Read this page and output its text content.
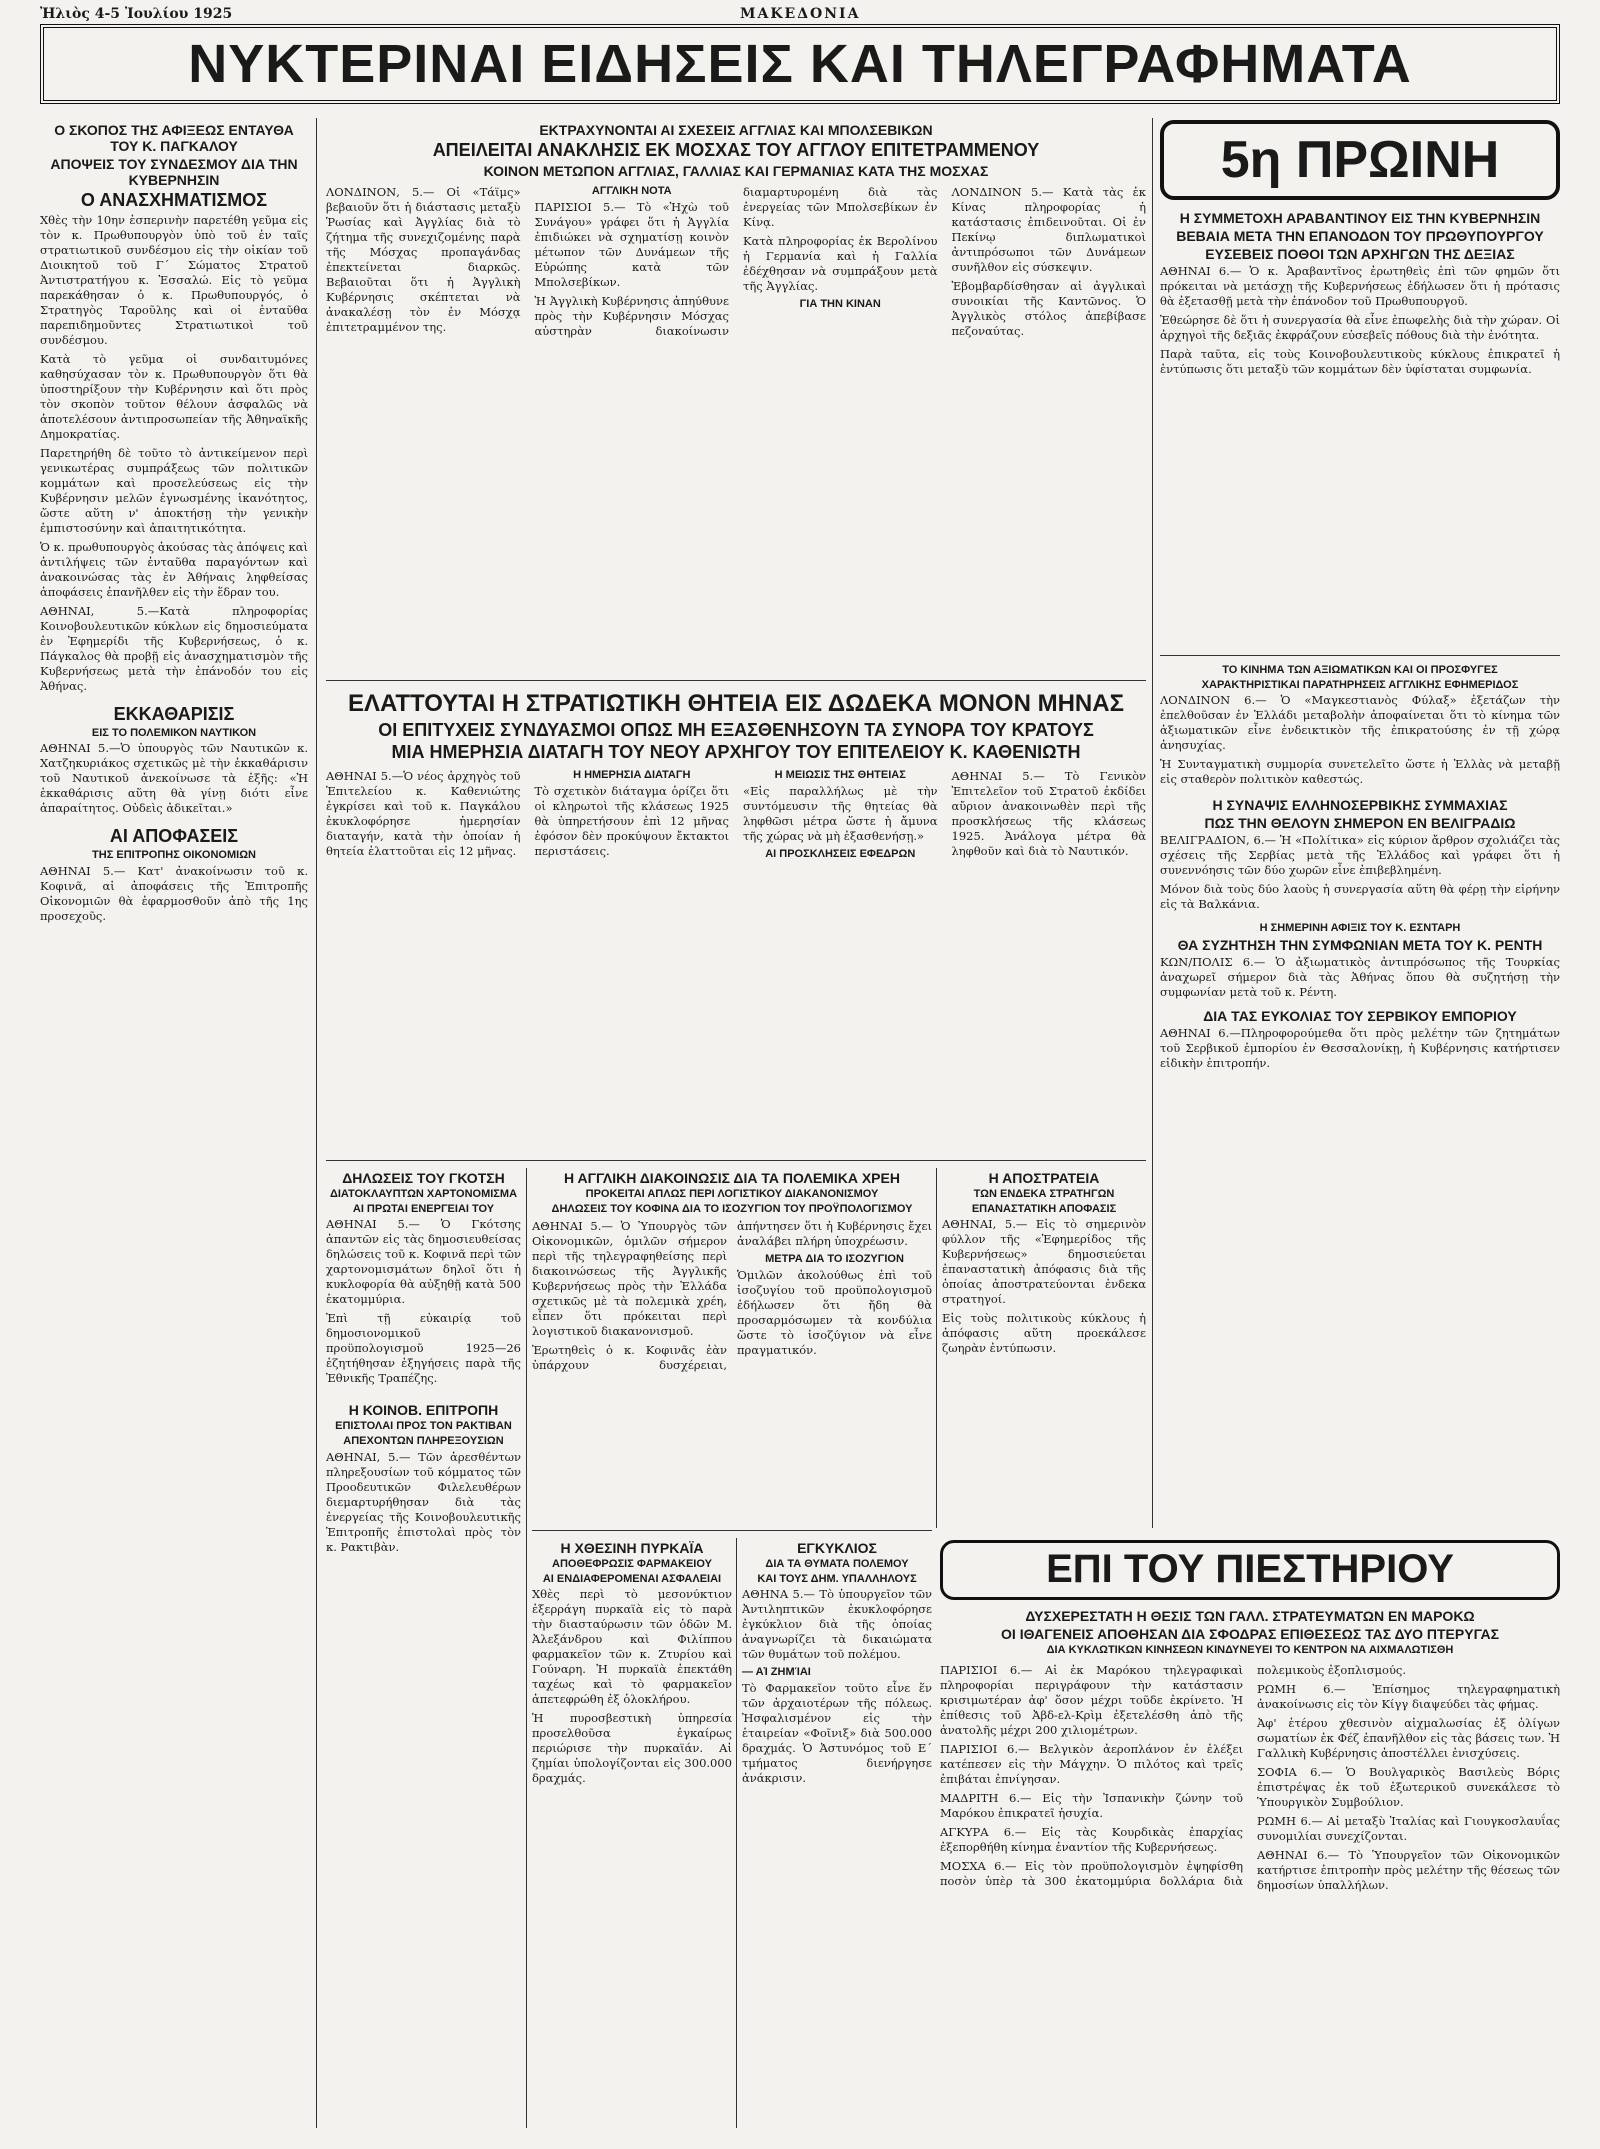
Ἠλιὸς 4-5 Ἰουλίου 1925	ΜΑΚΕΔΟΝΙΑ
ΝΥΚΤΕΡΙΝΑΙ ΕΙΔΗΣΕΙΣ ΚΑΙ ΤΗΛΕΓΡΑΦΗΜΑΤΑ
Ο ΣΚΟΠΟΣ ΤΗΣ ΑΦΙΞΕΩΣ ΕΝΤΑΥΘΑ ΤΟΥ Κ. ΠΑΓΚΑΛΟΥ
ΑΠΟΨΕΙΣ ΤΟΥ ΣΥΝΔΕΣΜΟΥ ΔΙΑ ΤΗΝ ΚΥΒΕΡΝΗΣΙΝ
Ο ΑΝΑΣΧΗΜΑΤΙΣΜΟΣ

Χθὲς τὴν 10ην ἑσπερινὴν παρετέθη γεῦμα εἰς τὸν κ. Πρωθυπουργὸν ὑπὸ τοῦ ἐν ταῖς στρατιωτικοῦ συνδέσμου εἰς τὴν οἰκίαν τοῦ Διοικητοῦ τοῦ Γ΄ Σώματος Στρατοῦ Ἀντιστρατήγου κ. Ἐσσαλώ. Εἰς τὸ γεῦμα παρεκάθησαν ὁ κ. Πρωθυπουργός, ὁ Στρατηγὸς Ταροῦλης καὶ οἱ ἐνταῦθα παρεπιδημοῦντες Στρατιωτικοὶ τοῦ συνδέσμου.

Κατὰ τὸ γεῦμα οἱ συνδαιτυμόνες καθησύχασαν τὸν κ. Πρωθυπουργὸν ὅτι θὰ ὑποστηρίξουν τὴν Κυβέρνησιν καὶ ὅτι πρὸς τὸν σκοπὸν τοῦτον θέλουν ἀσφαλῶς νὰ ἀποτελέσουν ἀντιπροσωπείαν τῆς Ἀθηναϊκῆς Δημοκρατίας.

Παρετηρήθη δὲ τοῦτο τὸ ἀντικείμενον περὶ γενικωτέρας συμπράξεως τῶν πολιτικῶν κομμάτων καὶ προσελεύσεως εἰς τὴν Κυβέρνησιν μελῶν ἐγνωσμένης ἱκανότητος, ὥστε αὕτη ν' ἀποκτήσῃ τὴν γενικὴν ἐμπιστοσύνην καὶ ἀπαιτητικότητα.

Ὁ κ. πρωθυπουργὸς ἀκούσας τὰς ἀπόψεις καὶ ἀντιλήψεις τῶν ἐνταῦθα παραγόντων καὶ ἀνακοινώσας τὰς ἐν Ἀθήναις ληφθείσας ἀποφάσεις ἐπανῆλθεν εἰς τὴν ἕδραν του.

ΑΘΗΝΑΙ, 5.—Κατὰ πληροφορίας Κοινοβουλευτικῶν κύκλων εἰς δημοσιεύματα ἐν Ἐφημερίδι τῆς Κυβερνήσεως, ὁ κ. Πάγκαλος θὰ προβῇ εἰς ἀνασχηματισμὸν τῆς Κυβερνήσεως μετὰ τὴν ἐπάνοδόν του εἰς Ἀθήνας.

ΕΚΚΑΘΑΡΙΣΙΣ
ΕΙΣ ΤΟ ΠΟΛΕΜΙΚΟΝ ΝΑΥΤΙΚΟΝ

ΑΘΗΝΑΙ 5.—Ὁ ὑπουργὸς τῶν Ναυτικῶν κ. Χατζηκυριάκος σχετικῶς μὲ τὴν ἐκκαθάρισιν τοῦ Ναυτικοῦ ἀνεκοίνωσε τὰ ἑξῆς: «Ἡ ἐκκαθάρισις αὕτη θὰ γίνῃ διότι εἶνε ἀπαραίτητος. Οὐδεὶς ἀδικεῖται.»

ΑΙ ΑΠΟΦΑΣΕΙΣ
ΤΗΣ ΕΠΙΤΡΟΠΗΣ ΟΙΚΟΝΟΜΙΩΝ

ΑΘΗΝΑΙ 5.— Κατ' ἀνακοίνωσιν τοῦ κ. Κοφινᾶ, αἱ ἀποφάσεις τῆς Ἐπιτροπῆς Οἰκονομιῶν θὰ ἐφαρμοσθοῦν ἀπὸ τῆς 1ης προσεχοῦς.

ΕΚΤΡΑΧΥΝΟΝΤΑΙ ΑΙ ΣΧΕΣΕΙΣ ΑΓΓΛΙΑΣ ΚΑΙ ΜΠΟΛΣΕΒΙΚΩΝ
ΑΠΕΙΛΕΙΤΑΙ ΑΝΑΚΛΗΣΙΣ ΕΚ ΜΟΣΧΑΣ ΤΟΥ ΑΓΓΛΟΥ ΕΠΙΤΕΤΡΑΜΜΕΝΟΥ
ΚΟΙΝΟΝ ΜΕΤΩΠΟΝ ΑΓΓΛΙΑΣ, ΓΑΛΛΙΑΣ ΚΑΙ ΓΕΡΜΑΝΙΑΣ ΚΑΤΑ ΤΗΣ ΜΟΣΧΑΣ

ΛΟΝΔΙΝΟΝ, 5.— Οἱ «Τάϊμς» βεβαιοῦν ὅτι ἡ διάστασις μεταξὺ Ῥωσίας καὶ Ἀγγλίας διὰ τὸ ζήτημα τῆς συνεχιζομένης παρὰ τῆς Μόσχας προπαγάνδας ἐπεκτείνεται διαρκῶς. Βεβαιοῦται ὅτι ἡ Ἀγγλικὴ Κυβέρνησις σκέπτεται νὰ ἀνακαλέσῃ τὸν ἐν Μόσχᾳ ἐπιτετραμμένον της.

ΑΓΓΛΙΚΗ ΝΟΤΑ

ΠΑΡΙΣΙΟΙ 5.— Τὸ «Ἠχὼ τοῦ Συνάγου» γράφει ὅτι ἡ Ἀγγλία ἐπιδιώκει νὰ σχηματίσῃ κοινὸν μέτωπον τῶν Δυνάμεων τῆς Εὐρώπης κατὰ τῶν Μπολσεβίκων.

Ἡ Ἀγγλικὴ Κυβέρνησις ἀπηύθυνε πρὸς τὴν Κυβέρνησιν Μόσχας αὐστηρὰν διακοίνωσιν διαμαρτυρομένη διὰ τὰς ἐνεργείας τῶν Μπολσεβίκων ἐν Κίνᾳ.

Κατὰ πληροφορίας ἐκ Βερολίνου ἡ Γερμανία καὶ ἡ Γαλλία ἐδέχθησαν νὰ συμπράξουν μετὰ τῆς Ἀγγλίας.

ΓΙΑ ΤΗΝ ΚΙΝΑΝ

ΛΟΝΔΙΝΟΝ 5.— Κατὰ τὰς ἐκ Κίνας πληροφορίας ἡ κατάστασις ἐπιδεινοῦται. Οἱ ἐν Πεκίνῳ διπλωματικοὶ ἀντιπρόσωποι τῶν Δυνάμεων συνῆλθον εἰς σύσκεψιν.

Ἐβομβαρδίσθησαν αἱ ἀγγλικαὶ συνοικίαι τῆς Καντῶνος. Ὁ Ἀγγλικὸς στόλος ἀπεβίβασε πεζοναύτας.

ΕΛΑΤΤΟΥΤΑΙ Η ΣΤΡΑΤΙΩΤΙΚΗ ΘΗΤΕΙΑ ΕΙΣ ΔΩΔΕΚΑ ΜΟΝΟΝ ΜΗΝΑΣ
ΟΙ ΕΠΙΤΥΧΕΙΣ ΣΥΝΔΥΑΣΜΟΙ ΟΠΩΣ ΜΗ ΕΞΑΣΘΕΝΗΣΟΥΝ ΤΑ ΣΥΝΟΡΑ ΤΟΥ ΚΡΑΤΟΥΣ
ΜΙΑ ΗΜΕΡΗΣΙΑ ΔΙΑΤΑΓΗ ΤΟΥ ΝΕΟΥ ΑΡΧΗΓΟΥ ΤΟΥ ΕΠΙΤΕΛΕΙΟΥ Κ. ΚΑΘΕΝΙΩΤΗ

ΑΘΗΝΑΙ 5.—Ὁ νέος ἀρχηγὸς τοῦ Ἐπιτελείου κ. Καθενιώτης ἐγκρίσει καὶ τοῦ κ. Παγκάλου ἐκυκλοφόρησε ἡμερησίαν διαταγήν, κατὰ τὴν ὁποίαν ἡ θητεία ἐλαττοῦται εἰς 12 μῆνας.

Η ΗΜΕΡΗΣΙΑ ΔΙΑΤΑΓΗ

Τὸ σχετικὸν διάταγμα ὁρίζει ὅτι οἱ κληρωτοὶ τῆς κλάσεως 1925 θὰ ὑπηρετήσουν ἐπὶ 12 μῆνας ἐφόσον δὲν προκύψουν ἔκτακτοι περιστάσεις.

Η ΜΕΙΩΣΙΣ ΤΗΣ ΘΗΤΕΙΑΣ

«Εἰς παραλλήλως μὲ τὴν συντόμευσιν τῆς θητείας θὰ ληφθῶσι μέτρα ὥστε ἡ ἄμυνα τῆς χώρας νὰ μὴ ἐξασθενήσῃ.»

ΑΙ ΠΡΟΣΚΛΗΣΕΙΣ ΕΦΕΔΡΩΝ

ΑΘΗΝΑΙ 5.— Τὸ Γενικὸν Ἐπιτελεῖον τοῦ Στρατοῦ ἐκδίδει αὔριον ἀνακοινωθὲν περὶ τῆς προσκλήσεως τῆς κλάσεως 1925. Ἀνάλογα μέτρα θὰ ληφθοῦν καὶ διὰ τὸ Ναυτικόν.

ΔΗΛΩΣΕΙΣ ΤΟΥ ΓΚΟΤΣΗ
ΔΙΑΤΟΚΛΑΥΠΤΩΝ ΧΑΡΤΟΝΟΜΙΣΜΑ
ΑΙ ΠΡΩΤΑΙ ΕΝΕΡΓΕΙΑΙ ΤΟΥ

ΑΘΗΝΑΙ 5.— Ὁ Γκότσης ἀπαντῶν εἰς τὰς δημοσιευθείσας δηλώσεις τοῦ κ. Κοφινᾶ περὶ τῶν χαρτονομισμάτων δηλοῖ ὅτι ἡ κυκλοφορία θὰ αὐξηθῇ κατὰ 500 ἑκατομμύρια.

Ἐπὶ τῇ εὐκαιρίᾳ τοῦ δημοσιονομικοῦ προϋπολογισμοῦ 1925—26 ἐζητήθησαν ἐξηγήσεις παρὰ τῆς Ἐθνικῆς Τραπέζης.

Η ΚΟΙΝΟΒ. ΕΠΙΤΡΟΠΗ
ΕΠΙΣΤΟΛΑΙ ΠΡΟΣ ΤΟΝ ΡΑΚΤΙΒΑΝ
ΑΠΕΧΟΝΤΩΝ ΠΛΗΡΕΞΟΥΣΙΩΝ

ΑΘΗΝΑΙ, 5.— Τῶν ἀρεσθέντων πληρεξουσίων τοῦ κόμματος τῶν Προοδευτικῶν Φιλελευθέρων διεμαρτυρήθησαν διὰ τὰς ἐνεργείας τῆς Κοινοβουλευτικῆς Ἐπιτροπῆς ἐπιστολαὶ πρὸς τὸν κ. Ρακτιβὰν.

Η ΑΓΓΛΙΚΗ ΔΙΑΚΟΙΝΩΣΙΣ ΔΙΑ ΤΑ ΠΟΛΕΜΙΚΑ ΧΡΕΗ
ΠΡΟΚΕΙΤΑΙ ΑΠΛΩΣ ΠΕΡΙ ΛΟΓΙΣΤΙΚΟΥ ΔΙΑΚΑΝΟΝΙΣΜΟΥ
ΔΗΛΩΣΕΙΣ ΤΟΥ ΚΟΦΙΝΑ ΔΙΑ ΤΟ ΙΣΟΖΥΓΙΟΝ ΤΟΥ ΠΡΟΫΠΟΛΟΓΙΣΜΟΥ

ΑΘΗΝΑΙ 5.— Ὁ Ὑπουργὸς τῶν Οἰκονομικῶν, ὁμιλῶν σήμερον περὶ τῆς τηλεγραφηθείσης περὶ διακοινώσεως τῆς Ἀγγλικῆς Κυβερνήσεως πρὸς τὴν Ἑλλάδα σχετικῶς μὲ τὰ πολεμικὰ χρέη, εἶπεν ὅτι πρόκειται περὶ λογιστικοῦ διακανονισμοῦ.

Ἐρωτηθεὶς ὁ κ. Κοφινᾶς ἐὰν ὑπάρχουν δυσχέρειαι, ἀπήντησεν ὅτι ἡ Κυβέρνησις ἔχει ἀναλάβει πλήρη ὑποχρέωσιν.

ΜΕΤΡΑ ΔΙΑ ΤΟ ΙΣΟΖΥΓΙΟΝ

Ὁμιλῶν ἀκολούθως ἐπὶ τοῦ ἰσοζυγίου τοῦ προϋπολογισμοῦ ἐδήλωσεν ὅτι ἤδη θὰ προσαρμόσωμεν τὰ κονδύλια ὥστε τὸ ἰσοζύγιον νὰ εἶνε πραγματικόν.

Η ΧΘΕΣΙΝΗ ΠΥΡΚΑΪΑ
ΑΠΟΘΕΦΡΩΣΙΣ ΦΑΡΜΑΚΕΙΟΥ
ΑΙ ΕΝΔΙΑΦΕΡΟΜΕΝΑΙ ΑΣΦΑΛΕΙΑΙ

Χθὲς περὶ τὸ μεσονύκτιον ἐξερράγη πυρκαϊὰ εἰς τὸ παρὰ τὴν διασταύρωσιν τῶν ὁδῶν Μ. Ἀλεξάνδρου καὶ Φιλίππου φαρμακεῖον τῶν κ. Ζτυρίου καὶ Γούναρη. Ἡ πυρκαϊὰ ἐπεκτάθη ταχέως καὶ τὸ φαρμακεῖον ἀπετεφρώθη ἐξ ὁλοκλήρου.

Ἡ πυροσβεστικὴ ὑπηρεσία προσελθοῦσα ἐγκαίρως περιώρισε τὴν πυρκαϊάν. Αἱ ζημίαι ὑπολογίζονται εἰς 300.000 δραχμάς.

ΕΓΚΥΚΛΙΟΣ
ΔΙΑ ΤΑ ΘΥΜΑΤΑ ΠΟΛΕΜΟΥ
ΚΑΙ ΤΟΥΣ ΔΗΜ. ΥΠΑΛΛΗΛΟΥΣ

ΑΘΗΝΑ 5.— Τὸ ὑπουργεῖον τῶν Ἀντιληπτικῶν ἐκυκλοφόρησε ἐγκύκλιον διὰ τῆς ὁποίας ἀναγνωρίζει τὰ δικαιώματα τῶν θυμάτων τοῦ πολέμου.

— ΑἹ ΖΗΜΊΑΙ

Τὸ Φαρμακεῖον τοῦτο εἶνε ἕν τῶν ἀρχαιοτέρων τῆς πόλεως. Ἠσφαλισμένον εἰς τὴν ἑταιρείαν «Φοῖνιξ» διὰ 500.000 δραχμάς. Ὁ Ἀστυνόμος τοῦ Ε΄ τμήματος διενήργησε ἀνάκρισιν.

Η ΑΠΟΣΤΡΑΤΕΙΑ
ΤΩΝ ΕΝΔΕΚΑ ΣΤΡΑΤΗΓΩΝ
ΕΠΑΝΑΣΤΑΤΙΚΗ ΑΠΟΦΑΣΙΣ

ΑΘΗΝΑΙ, 5.— Εἰς τὸ σημερινὸν φύλλον τῆς «Ἐφημερίδος τῆς Κυβερνήσεως» δημοσιεύεται ἐπαναστατικὴ ἀπόφασις διὰ τῆς ὁποίας ἀποστρατεύονται ἐνδεκα στρατηγοί.

Εἰς τοὺς πολιτικοὺς κύκλους ἡ ἀπόφασις αὕτη προεκάλεσε ζωηρὰν ἐντύπωσιν.

5η ΠΡΩΙΝΗ
Η ΣΥΜΜΕΤΟΧΗ ΑΡΑΒΑΝΤΙΝΟΥ ΕΙΣ ΤΗΝ ΚΥΒΕΡΝΗΣΙΝ
ΒΕΒΑΙΑ ΜΕΤΑ ΤΗΝ ΕΠΑΝΟΔΟΝ ΤΟΥ ΠΡΩΘΥΠΟΥΡΓΟΥ
ΕΥΣΕΒΕΙΣ ΠΟΘΟΙ ΤΩΝ ΑΡΧΗΓΩΝ ΤΗΣ ΔΕΞΙΑΣ

ΑΘΗΝΑΙ 6.— Ὁ κ. Ἀραβαντῖνος ἐρωτηθεὶς ἐπὶ τῶν φημῶν ὅτι πρόκειται νὰ μετάσχῃ τῆς Κυβερνήσεως ἐδήλωσεν ὅτι ἡ πρότασις θὰ ἐξετασθῇ μετὰ τὴν ἐπάνοδον τοῦ Πρωθυπουργοῦ.

Ἐθεώρησε δὲ ὅτι ἡ συνεργασία θὰ εἶνε ἐπωφελὴς διὰ τὴν χώραν. Οἱ ἀρχηγοὶ τῆς δεξιᾶς ἐκφράζουν εὐσεβεῖς πόθους διὰ τὴν ἐνότητα.

Παρὰ ταῦτα, εἰς τοὺς Κοινοβουλευτικοὺς κύκλους ἐπικρατεῖ ἡ ἐντύπωσις ὅτι μεταξὺ τῶν κομμάτων δὲν ὑφίσταται συμφωνία.

ΤΟ ΚΙΝΗΜΑ ΤΩΝ ΑΞΙΩΜΑΤΙΚΩΝ ΚΑΙ ΟΙ ΠΡΟΣΦΥΓΕΣ
ΧΑΡΑΚΤΗΡΙΣΤΙΚΑΙ ΠΑΡΑΤΗΡΗΣΕΙΣ ΑΓΓΛΙΚΗΣ ΕΦΗΜΕΡΙΔΟΣ

ΛΟΝΔΙΝΟΝ 6.— Ὁ «Μαγκεστιανὸς Φύλαξ» ἐξετάζων τὴν ἐπελθοῦσαν ἐν Ἑλλάδι μεταβολὴν ἀποφαίνεται ὅτι τὸ κίνημα τῶν ἀξιωματικῶν εἶνε ἐνδεικτικὸν τῆς ἐπικρατούσης ἐν τῇ χώρᾳ ἀνησυχίας.

Ἡ Συνταγματικὴ συμμορία συνετελεῖτο ὥστε ἡ Ἑλλὰς νὰ μεταβῇ εἰς σταθερὸν πολιτικὸν καθεστώς.

Η ΣΥΝΑΨΙΣ ΕΛΛΗΝΟΣΕΡΒΙΚΗΣ ΣΥΜΜΑΧΙΑΣ
ΠΩΣ ΤΗΝ ΘΕΛΟΥΝ ΣΗΜΕΡΟΝ ΕΝ ΒΕΛΙΓΡΑΔΙΩ

ΒΕΛΙΓΡΑΔΙΟΝ, 6.— Ἡ «Πολίτικα» εἰς κύριον ἄρθρον σχολιάζει τὰς σχέσεις τῆς Σερβίας μετὰ τῆς Ἑλλάδος καὶ γράφει ὅτι ἡ συνεννόησις τῶν δύο χωρῶν εἶνε ἐπιβεβλημένη.

Μόνον διὰ τοὺς δύο λαοὺς ἡ συνεργασία αὕτη θὰ φέρῃ τὴν εἰρήνην εἰς τὰ Βαλκάνια.

Η ΣΗΜΕΡΙΝΗ ΑΦΙΞΙΣ ΤΟΥ Κ. ΕΣΝΤΑΡΗ
ΘΑ ΣΥΖΗΤΗΣΗ ΤΗΝ ΣΥΜΦΩΝΙΑΝ ΜΕΤΑ ΤΟΥ Κ. ΡΕΝΤΗ

ΚΩΝ/ΠΟΛΙΣ 6.— Ὁ ἀξιωματικὸς ἀντιπρόσωπος τῆς Τουρκίας ἀναχωρεῖ σήμερον διὰ τὰς Ἀθήνας ὅπου θὰ συζητήσῃ τὴν συμφωνίαν μετὰ τοῦ κ. Ρέντη.

ΔΙΑ ΤΑΣ ΕΥΚΟΛΙΑΣ ΤΟΥ ΣΕΡΒΙΚΟΥ ΕΜΠΟΡΙΟΥ

ΑΘΗΝΑΙ 6.—Πληροφορούμεθα ὅτι πρὸς μελέτην τῶν ζητημάτων τοῦ Σερβικοῦ ἐμπορίου ἐν Θεσσαλονίκῃ, ἡ Κυβέρνησις κατήρτισεν εἰδικὴν ἐπιτροπήν.

ΕΠΙ ΤΟΥ ΠΙΕΣΤΗΡΙΟΥ
ΔΥΣΧΕΡΕΣΤΑΤΗ Η ΘΕΣΙΣ ΤΩΝ ΓΑΛΛ. ΣΤΡΑΤΕΥΜΑΤΩΝ ΕΝ ΜΑΡΟΚΩ
ΟΙ ΙΘΑΓΕΝΕΙΣ ΑΠΟΘΗΣΑΝ ΔΙΑ ΣΦΟΔΡΑΣ ΕΠΙΘΕΣΕΩΣ ΤΑΣ ΔΥΟ ΠΤΕΡΥΓΑΣ
ΔΙΑ ΚΥΚΛΩΤΙΚΩΝ ΚΙΝΗΣΕΩΝ ΚΙΝΔΥΝΕΥΕΙ ΤΟ ΚΕΝΤΡΟΝ ΝΑ ΑΙΧΜΑΛΩΤΙΣΘΗ

ΠΑΡΙΣΙΟΙ 6.— Αἱ ἐκ Μαρόκου τηλεγραφικαὶ πληροφορίαι περιγράφουν τὴν κατάστασιν κρισιμωτέραν ἀφ' ὅσον μέχρι τοῦδε ἐκρίνετο. Ἡ ἐπίθεσις τοῦ Ἀβδ-ελ-Κρὶμ ἐξετελέσθη ἀπὸ τῆς ἀνατολῆς μέχρι 200 χιλιομέτρων.

ΠΑΡΙΣΙΟΙ 6.— Βελγικὸν ἀεροπλάνον ἐν ἐλέξει κατέπεσεν εἰς τὴν Μάγχην. Ὁ πιλότος καὶ τρεῖς ἐπιβάται ἐπνίγησαν.

ΜΑΔΡΙΤΗ 6.— Εἰς τὴν Ἰσπανικὴν ζώνην τοῦ Μαρόκου ἐπικρατεῖ ἡσυχία.

ΑΓΚΥΡΑ 6.— Εἰς τὰς Κουρδικὰς ἐπαρχίας ἐξεπορθήθη κίνημα ἐναντίον τῆς Κυβερνήσεως.

ΜΟΣΧΑ 6.— Εἰς τὸν προϋπολογισμὸν ἐψηφίσθη ποσὸν ὑπὲρ τὰ 300 ἑκατομμύρια δολλάρια διὰ πολεμικοὺς ἐξοπλισμούς.

ΡΩΜΗ 6.— Ἐπίσημος τηλεγραφηματικὴ ἀνακοίνωσις εἰς τὸν Κίγγ διαψεύδει τὰς φήμας.

Ἀφ' ἑτέρου χθεσινὸν αἰχμαλωσίας ἐξ ὀλίγων σωματίων ἐκ Φέζ ἐπανῆλθον εἰς τὰς βάσεις των. Ἡ Γαλλικὴ Κυβέρνησις ἀποστέλλει ἐνισχύσεις.

ΣΟΦΙΑ 6.— Ὁ Βουλγαρικὸς Βασιλεὺς Βόρις ἐπιστρέψας ἐκ τοῦ ἐξωτερικοῦ συνεκάλεσε τὸ Ὑπουργικὸν Συμβούλιον.

ΡΩΜΗ 6.— Αἱ μεταξὺ Ἰταλίας καὶ Γιουγκοσλαυΐας συνομιλίαι συνεχίζονται.

ΑΘΗΝΑΙ 6.— Τὸ Ὑπουργεῖον τῶν Οἰκονομικῶν κατήρτισε ἐπιτροπὴν πρὸς μελέτην τῆς θέσεως τῶν δημοσίων ὑπαλλήλων.
